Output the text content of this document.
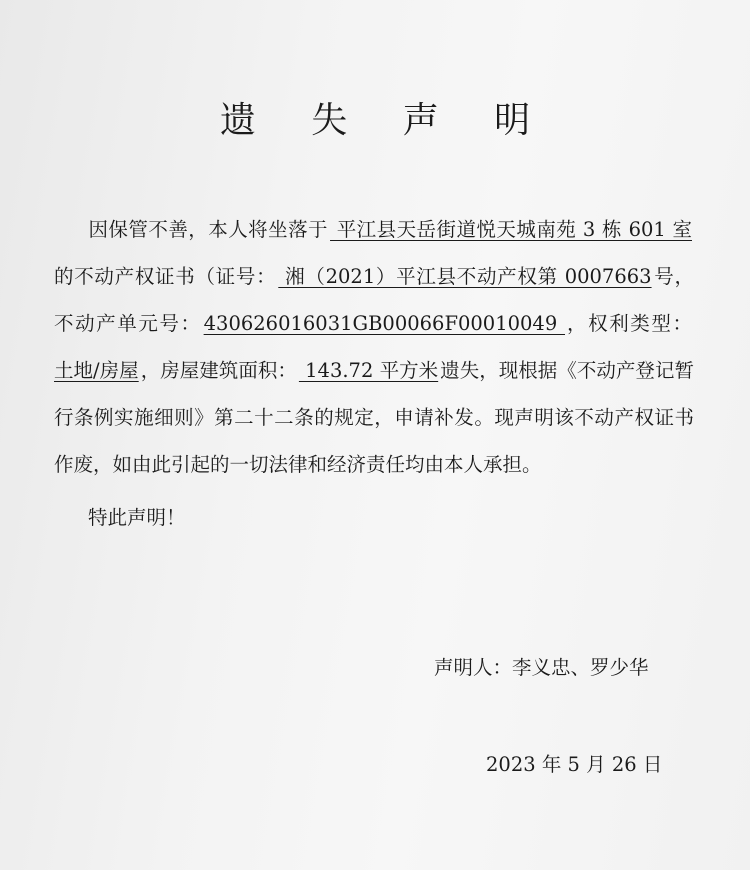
遗 失 声 明

因保管不善，本人将坐落于 平江县天岳街道悦天城南苑 3 栋 601 室的不动产权证书（证号： 湘（2021）平江县不动产权第 0007663 号，不动产单元号： 430626016031GB00066F00010049 ，权利类型： 土地/房屋 ，房屋建筑面积： 143.72 平方米 遗失，现根据《不动产登记暂行条例实施细则》第二十二条的规定，申请补发。现声明该不动产权证书作废，如由此引起的一切法律和经济责任均由本人承担。

特此声明！

声明人：李义忠、罗少华

2023 年 5 月 26 日
